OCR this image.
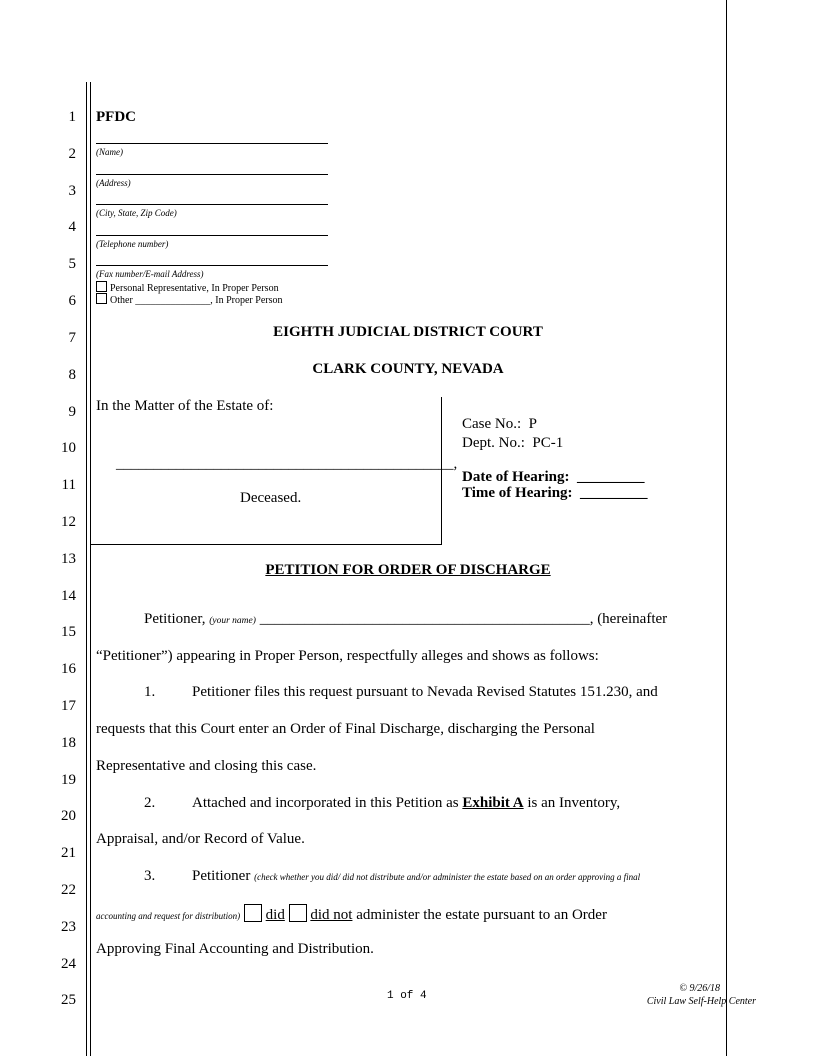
1
2
3
4
5
6
7
8
9
10
11
12
13
14
15
16
17
18
19
20
21
22
23
24
25
PFDC
(Name)
(Address)
(City, State, Zip Code)
(Telephone number)
(Fax number/E-mail Address)
Personal Representative, In Proper Person
Other _______________, In Proper Person
EIGHTH JUDICIAL DISTRICT COURT
CLARK COUNTY, NEVADA
In the Matter of the Estate of:
_____________________________________________,
Deceased.
Case No.: P
Dept. No.: PC-1
Date of Hearing: _________
Time of Hearing: _________
PETITION FOR ORDER OF DISCHARGE
Petitioner, (your name) ____________________________________________, (hereinafter
“Petitioner”) appearing in Proper Person, respectfully alleges and shows as follows:
1. Petitioner files this request pursuant to Nevada Revised Statutes 151.230, and
requests that this Court enter an Order of Final Discharge, discharging the Personal
Representative and closing this case.
2. Attached and incorporated in this Petition as Exhibit A is an Inventory,
Appraisal, and/or Record of Value.
3. Petitioner (check whether you did/ did not distribute and/or administer the estate based on an order approving a final
accounting and request for distribution) did did not administer the estate pursuant to an Order
Approving Final Accounting and Distribution.
1 of 4
© 9/26/18
Civil Law Self-Help Center
